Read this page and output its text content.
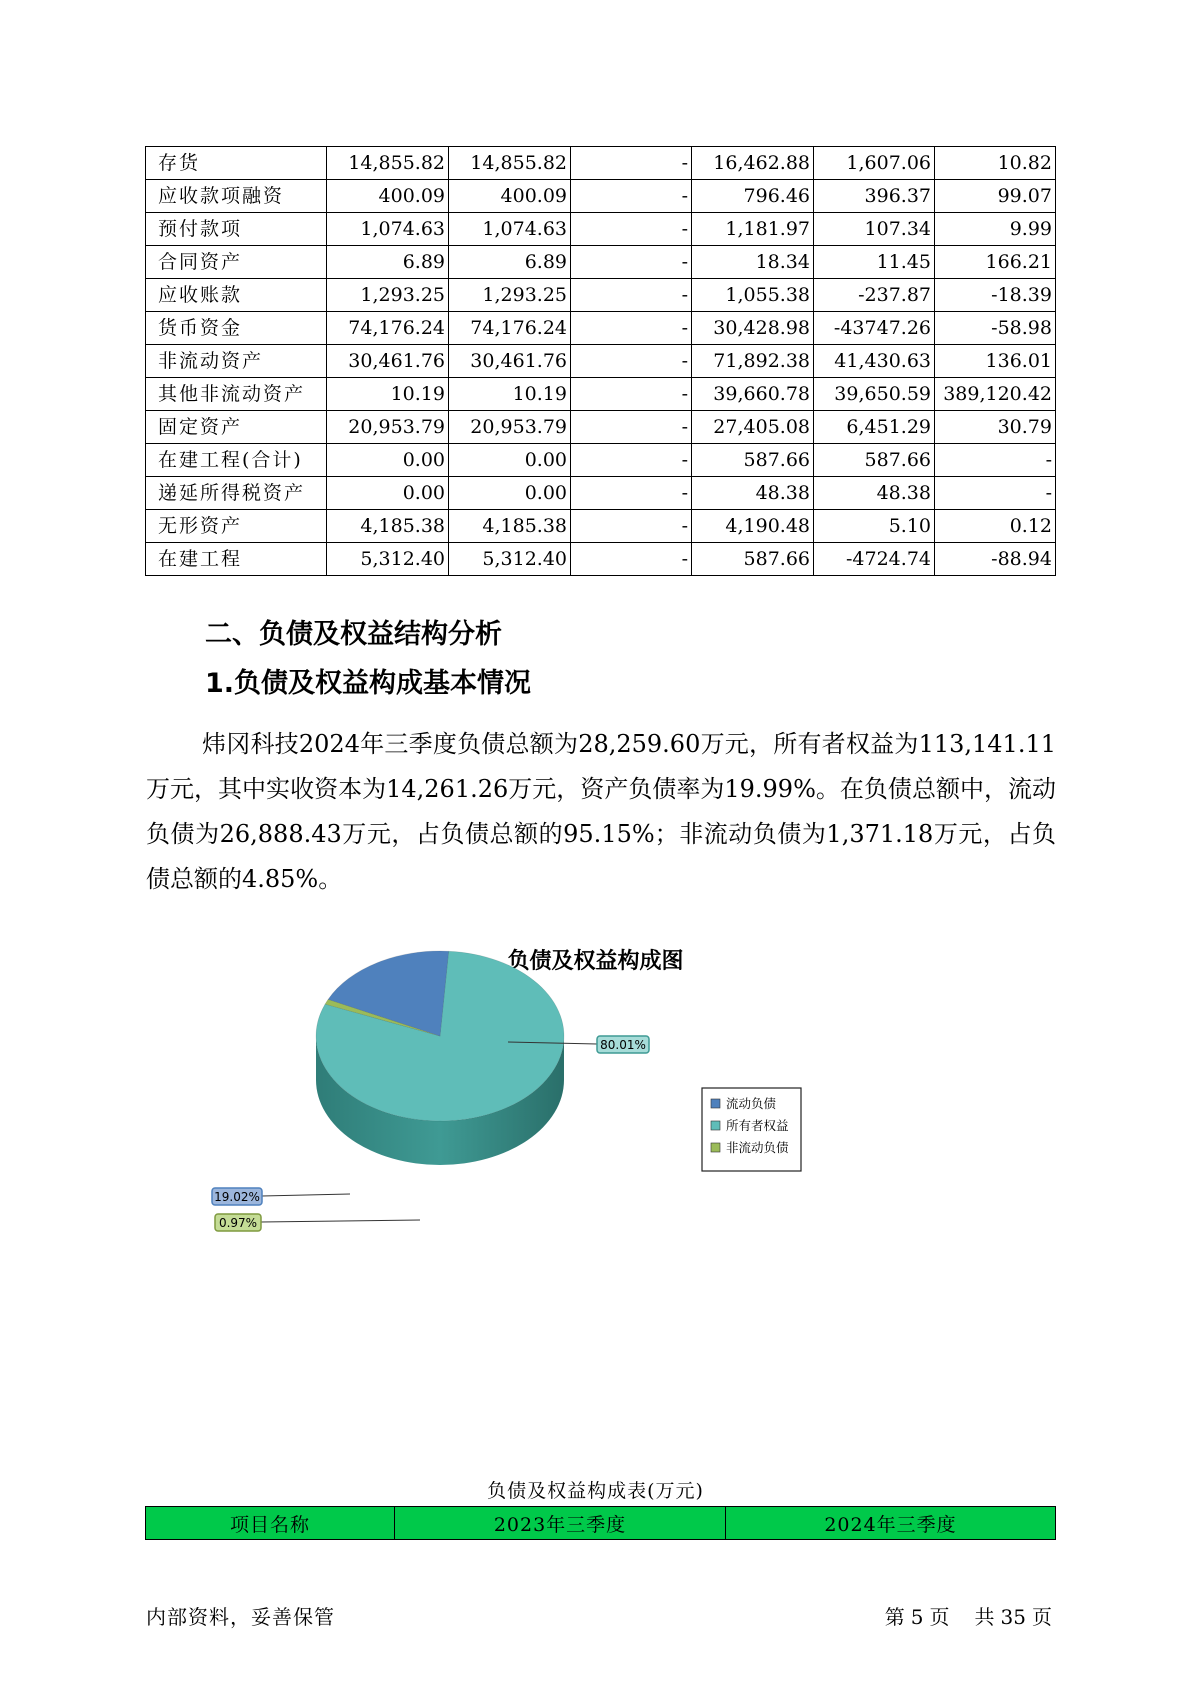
存货	14,855.82	14,855.82	-	16,462.88	1,607.06	10.82
应收款项融资	400.09	400.09	-	796.46	396.37	99.07
预付款项	1,074.63	1,074.63	-	1,181.97	107.34	9.99
合同资产	6.89	6.89	-	18.34	11.45	166.21
应收账款	1,293.25	1,293.25	-	1,055.38	-237.87	-18.39
货币资金	74,176.24	74,176.24	-	30,428.98	-43747.26	-58.98
非流动资产	30,461.76	30,461.76	-	71,892.38	41,430.63	136.01
其他非流动资产	10.19	10.19	-	39,660.78	39,650.59	389,120.42
固定资产	20,953.79	20,953.79	-	27,405.08	6,451.29	30.79
在建工程(合计)	0.00	0.00	-	587.66	587.66	-
递延所得税资产	0.00	0.00	-	48.38	48.38	-
无形资产	4,185.38	4,185.38	-	4,190.48	5.10	0.12
在建工程	5,312.40	5,312.40	-	587.66	-4724.74	-88.94
二、负债及权益结构分析
1.负债及权益构成基本情况

炜冈科技2024年三季度负债总额为28,259.60万元，所有者权益为113,141.11万元，其中实收资本为14,261.26万元，资产负债率为19.99%。在负债总额中，流动负债为26,888.43万元，占负债总额的95.15%；非流动负债为1,371.18万元，占负债总额的4.85%。

负债及权益构成图
19.02%
80.01%
0.97%
流动负债
所有者权益
非流动负债
负债及权益构成表(万元)
项目名称	2023年三季度	2024年三季度
内部资料，妥善保管	第 5 页 共 35 页
